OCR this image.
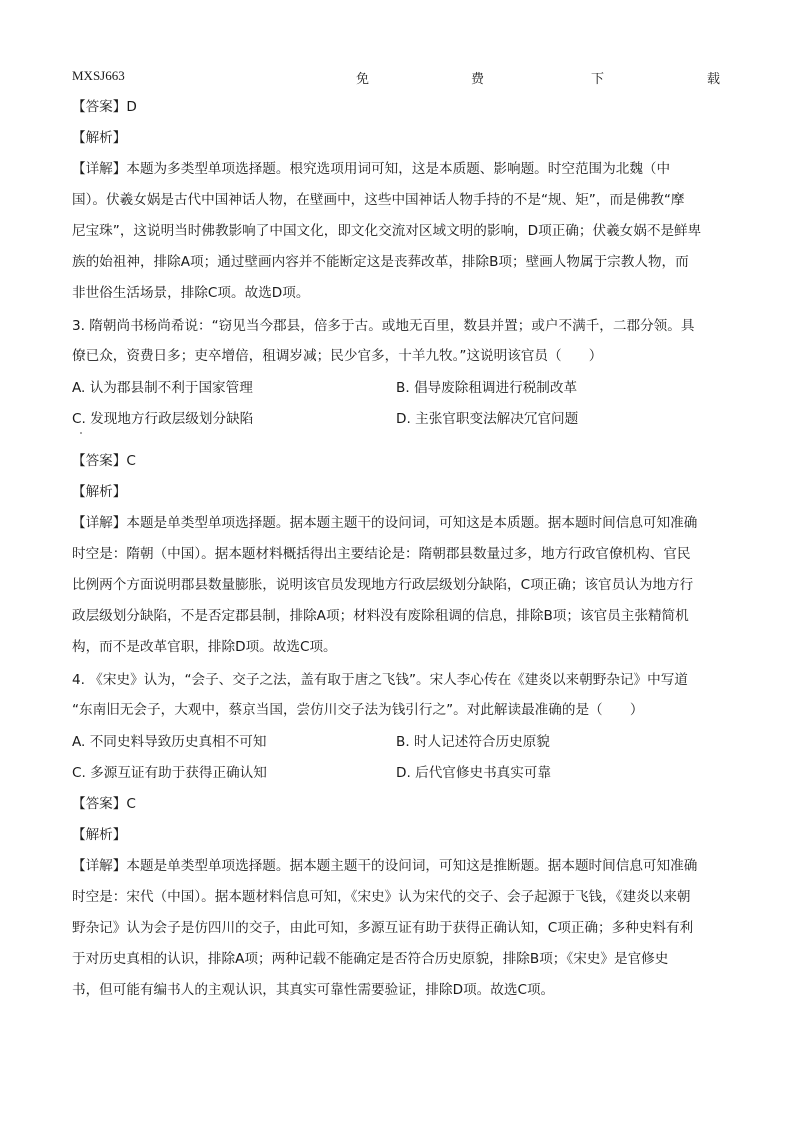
MXSJ663	免	费	下	载
【答案】D
【解析】
【详解】本题为多类型单项选择题。根究选项用词可知，这是本质题、影响题。时空范围为北魏（中
国）。伏羲女娲是古代中国神话人物，在壁画中，这些中国神话人物手持的不是“规、矩”，而是佛教“摩
尼宝珠”，这说明当时佛教影响了中国文化，即文化交流对区域文明的影响，D项正确；伏羲女娲不是鲜卑
族的始祖神，排除A项；通过壁画内容并不能断定这是丧葬改革，排除B项；壁画人物属于宗教人物，而
非世俗生活场景，排除C项。故选D项。
3. 隋朝尚书杨尚希说：“窃见当今郡县，倍多于古。或地无百里，数县并置；或户不满千，二郡分领。具
僚已众，资费日多；吏卒增倍，租调岁减；民少官多，十羊九牧。”这说明该官员（　　）
A. 认为郡县制不利于国家管理	B. 倡导废除租调进行税制改革
C. 发现地方行政层级划分缺陷	D. 主张官职变法解决冗官问题
【答案】C
【解析】
【详解】本题是单类型单项选择题。据本题主题干的设问词，可知这是本质题。据本题时间信息可知准确
时空是：隋朝（中国）。据本题材料概括得出主要结论是：隋朝郡县数量过多，地方行政官僚机构、官民
比例两个方面说明郡县数量膨胀，说明该官员发现地方行政层级划分缺陷，C项正确；该官员认为地方行
政层级划分缺陷，不是否定郡县制，排除A项；材料没有废除租调的信息，排除B项；该官员主张精简机
构，而不是改革官职，排除D项。故选C项。
4. 《宋史》认为，“会子、交子之法，盖有取于唐之飞钱”。宋人李心传在《建炎以来朝野杂记》中写道
“东南旧无会子，大观中，蔡京当国，尝仿川交子法为钱引行之”。对此解读最准确的是（　　）
A. 不同史料导致历史真相不可知	B. 时人记述符合历史原貌
C. 多源互证有助于获得正确认知	D. 后代官修史书真实可靠
【答案】C
【解析】
【详解】本题是单类型单项选择题。据本题主题干的设问词，可知这是推断题。据本题时间信息可知准确
时空是：宋代（中国）。据本题材料信息可知，《宋史》认为宋代的交子、会子起源于飞钱，《建炎以来朝
野杂记》认为会子是仿四川的交子，由此可知，多源互证有助于获得正确认知，C项正确；多种史料有利
于对历史真相的认识，排除A项；两种记载不能确定是否符合历史原貌，排除B项；《宋史》是官修史
书，但可能有编书人的主观认识，其真实可靠性需要验证，排除D项。故选C项。
